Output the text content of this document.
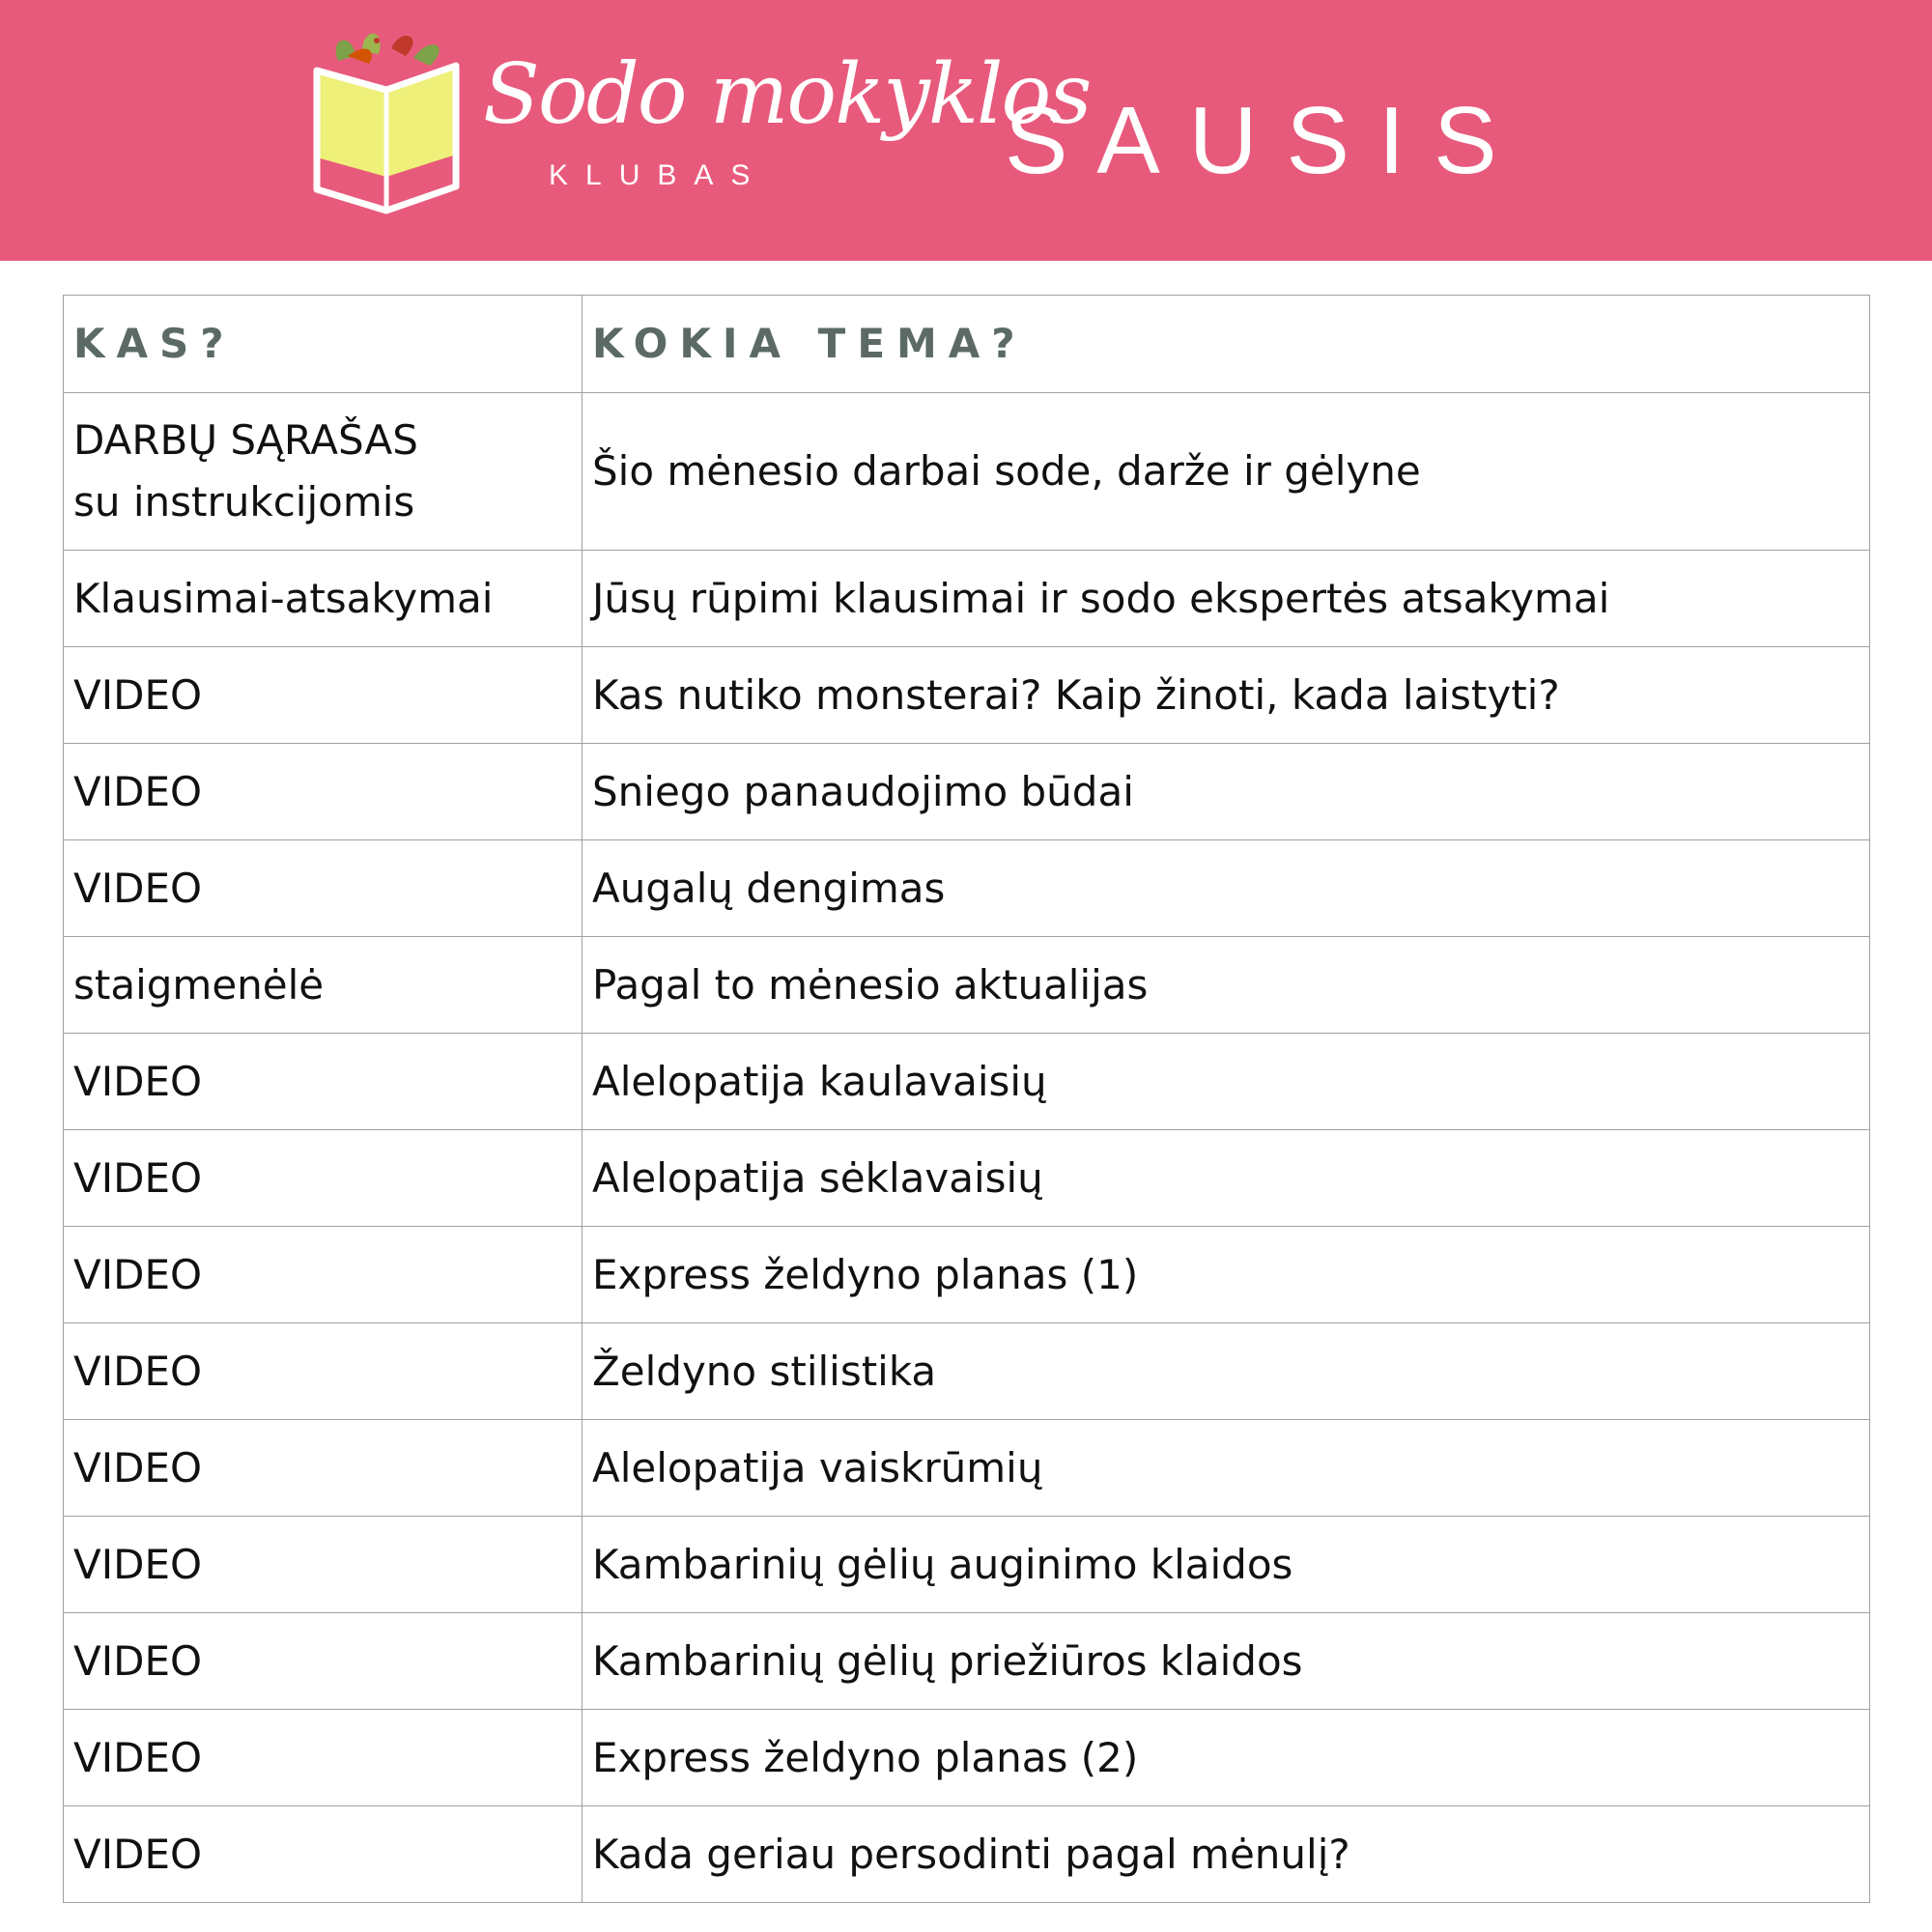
Sodo mokyklos
KLUBAS	SAUSIS
KAS?	KOKIA TEMA?

DARBŲ SĄRAŠAS
su instrukcijomis	Šio mėnesio darbai sode, darže ir gėlyne
Klausimai-atsakymai	Jūsų rūpimi klausimai ir sodo ekspertės atsakymai
VIDEO	Kas nutiko monsterai? Kaip žinoti, kada laistyti?
VIDEO	Sniego panaudojimo būdai
VIDEO	Augalų dengimas
staigmenėlė	Pagal to mėnesio aktualijas
VIDEO	Alelopatija kaulavaisių
VIDEO	Alelopatija sėklavaisių
VIDEO	Express želdyno planas (1)
VIDEO	Želdyno stilistika
VIDEO	Alelopatija vaiskrūmių
VIDEO	Kambarinių gėlių auginimo klaidos
VIDEO	Kambarinių gėlių priežiūros klaidos
VIDEO	Express želdyno planas (2)
VIDEO	Kada geriau persodinti pagal mėnulį?
